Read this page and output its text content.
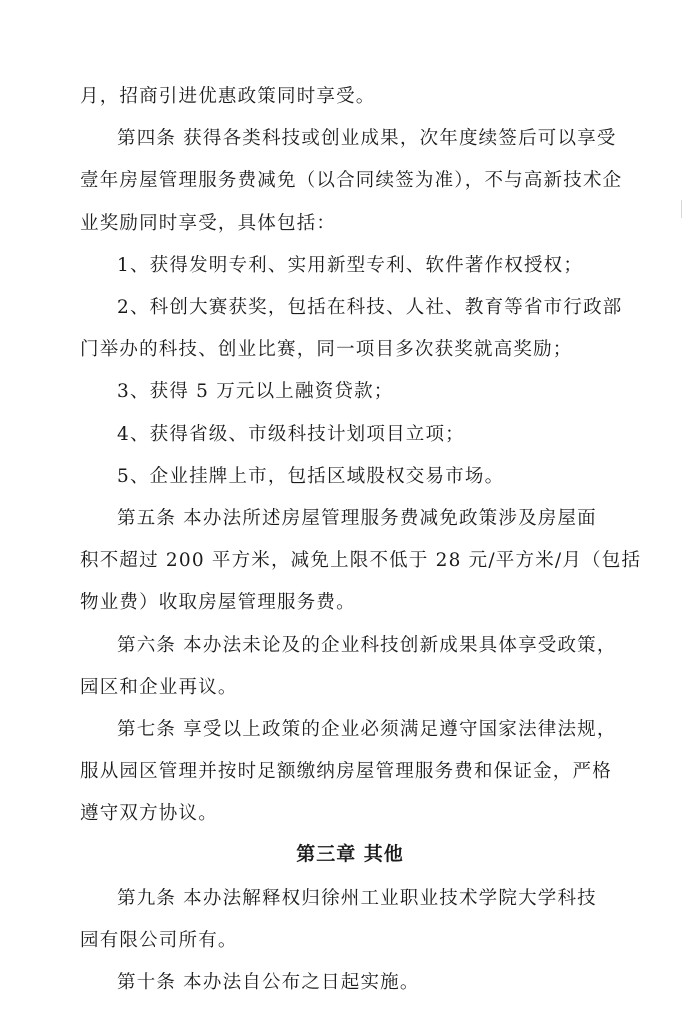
月，招商引进优惠政策同时享受。
第四条 获得各类科技或创业成果，次年度续签后可以享受
壹年房屋管理服务费减免（以合同续签为准），不与高新技术企
业奖励同时享受，具体包括：
1、获得发明专利、实用新型专利、软件著作权授权；
2、科创大赛获奖，包括在科技、人社、教育等省市行政部
门举办的科技、创业比赛，同一项目多次获奖就高奖励；
3、获得 5 万元以上融资贷款；
4、获得省级、市级科技计划项目立项；
5、企业挂牌上市，包括区域股权交易市场。
第五条 本办法所述房屋管理服务费减免政策涉及房屋面
积不超过 200 平方米，减免上限不低于 28 元/平方米/月（包括
物业费）收取房屋管理服务费。
第六条 本办法未论及的企业科技创新成果具体享受政策，
园区和企业再议。
第七条 享受以上政策的企业必须满足遵守国家法律法规，
服从园区管理并按时足额缴纳房屋管理服务费和保证金，严格
遵守双方协议。
第三章 其他
第九条 本办法解释权归徐州工业职业技术学院大学科技
园有限公司所有。
第十条 本办法自公布之日起实施。
